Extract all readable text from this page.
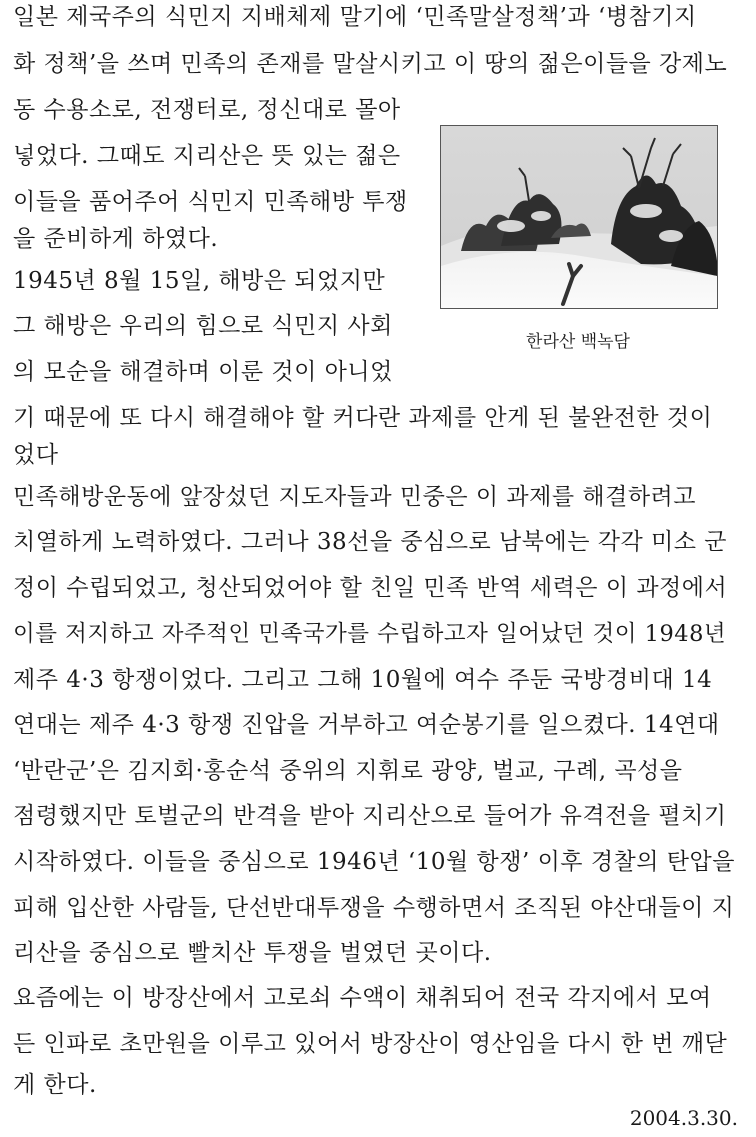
일본 제국주의 식민지 지배체제 말기에 ‘민족말살정책’과 ‘병참기지
화 정책’을 쓰며 민족의 존재를 말살시키고 이 땅의 젊은이들을 강제노
동 수용소로, 전쟁터로, 정신대로 몰아
넣었다. 그때도 지리산은 뜻 있는 젊은
이들을 품어주어 식민지 민족해방 투쟁
을 준비하게 하였다.
1945년 8월 15일, 해방은 되었지만
그 해방은 우리의 힘으로 식민지 사회
의 모순을 해결하며 이룬 것이 아니었
기 때문에 또 다시 해결해야 할 커다란 과제를 안게 된 불완전한 것이
었다
민족해방운동에 앞장섰던 지도자들과 민중은 이 과제를 해결하려고
치열하게 노력하였다. 그러나 38선을 중심으로 남북에는 각각 미소 군
정이 수립되었고, 청산되었어야 할 친일 민족 반역 세력은 이 과정에서
이를 저지하고 자주적인 민족국가를 수립하고자 일어났던 것이 1948년
제주 4·3 항쟁이었다. 그리고 그해 10월에 여수 주둔 국방경비대 14
연대는 제주 4·3 항쟁 진압을 거부하고 여순봉기를 일으켰다. 14연대
‘반란군’은 김지회·홍순석 중위의 지휘로 광양, 벌교, 구례, 곡성을
점령했지만 토벌군의 반격을 받아 지리산으로 들어가 유격전을 펼치기
시작하였다. 이들을 중심으로 1946년 ‘10월 항쟁’ 이후 경찰의 탄압을
피해 입산한 사람들, 단선반대투쟁을 수행하면서 조직된 야산대들이 지
리산을 중심으로 빨치산 투쟁을 벌였던 곳이다.
요즘에는 이 방장산에서 고로쇠 수액이 채취되어 전국 각지에서 모여
든 인파로 초만원을 이루고 있어서 방장산이 영산임을 다시 한 번 깨닫
게 한다.
한라산 백녹담
2004.3.30.
